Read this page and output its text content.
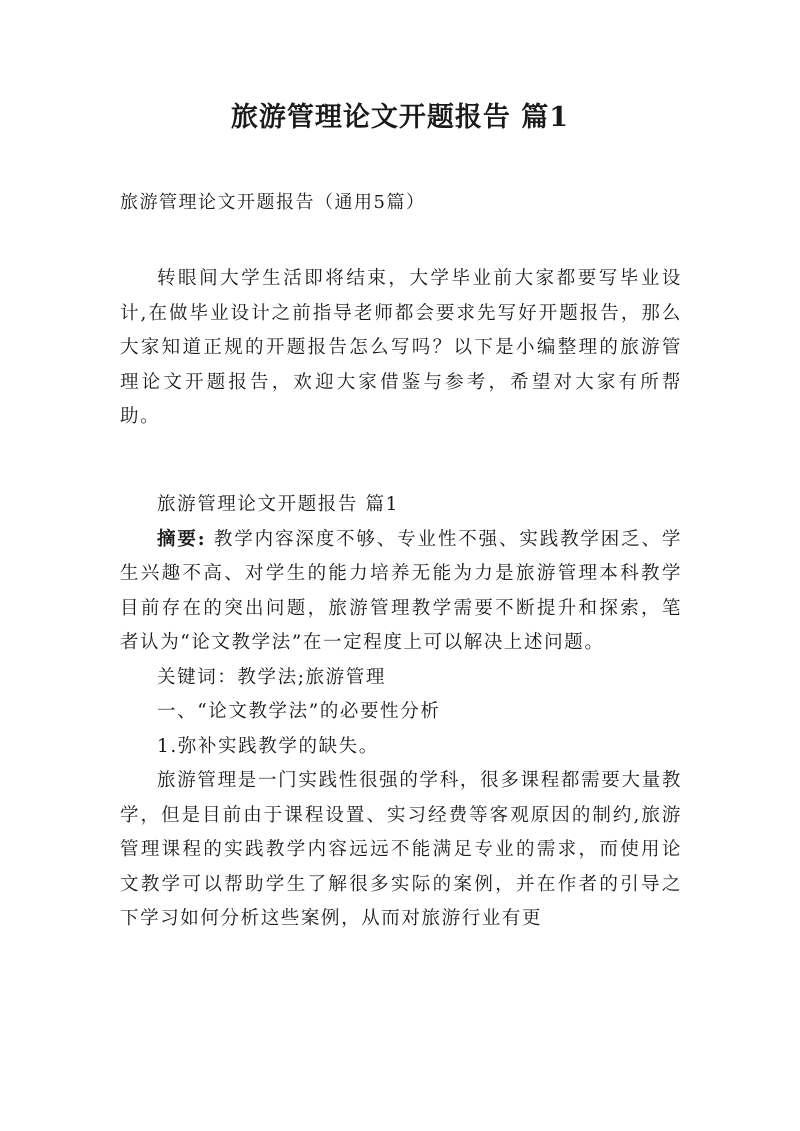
旅游管理论文开题报告 篇1
旅游管理论文开题报告（通用5篇）

转眼间大学生活即将结束，大学毕业前大家都要写毕业设计,在做毕业设计之前指导老师都会要求先写好开题报告，那么大家知道正规的开题报告怎么写吗？以下是小编整理的旅游管理论文开题报告，欢迎大家借鉴与参考，希望对大家有所帮助。

旅游管理论文开题报告 篇1

摘要: 教学内容深度不够、专业性不强、实践教学困乏、学生兴趣不高、对学生的能力培养无能为力是旅游管理本科教学目前存在的突出问题，旅游管理教学需要不断提升和探索，笔者认为“论文教学法”在一定程度上可以解决上述问题。

关键词：教学法;旅游管理

一、“论文教学法”的必要性分析

1.弥补实践教学的缺失。

旅游管理是一门实践性很强的学科，很多课程都需要大量教学，但是目前由于课程设置、实习经费等客观原因的制约,旅游管理课程的实践教学内容远远不能满足专业的需求，而使用论文教学可以帮助学生了解很多实际的案例，并在作者的引导之下学习如何分析这些案例，从而对旅游行业有更
